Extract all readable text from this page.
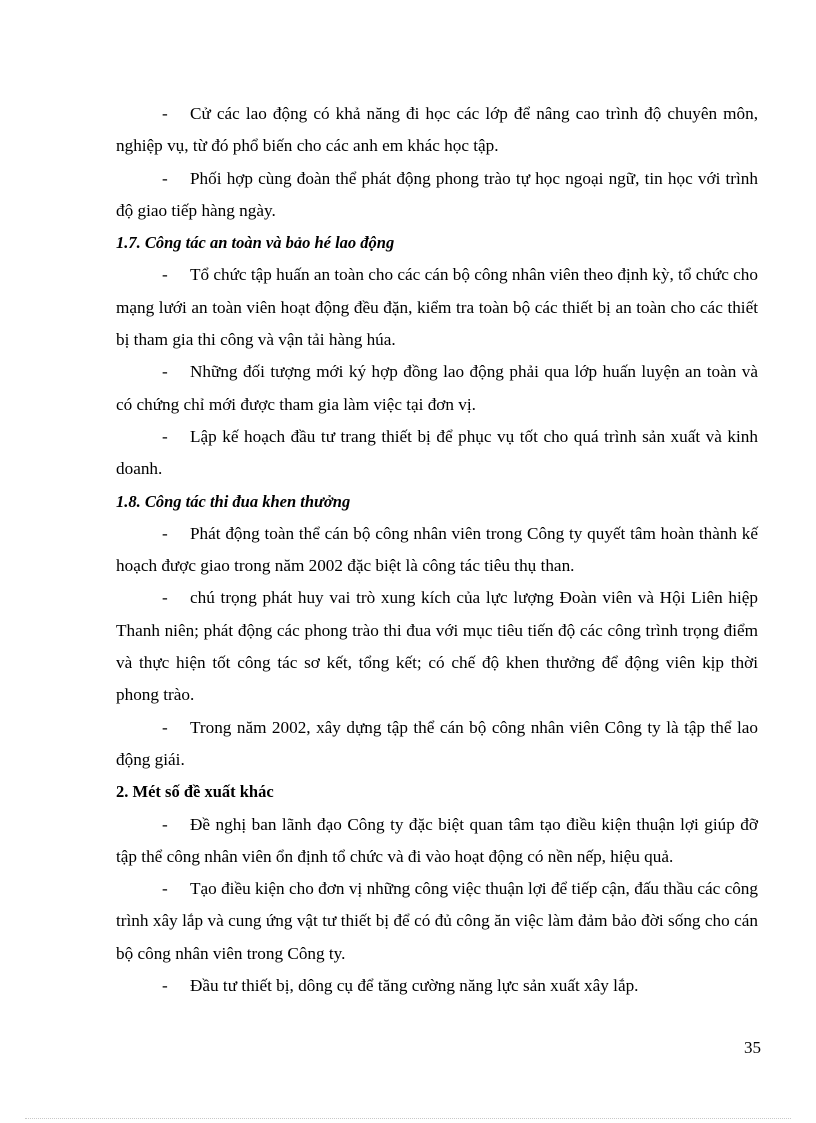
- Cử các lao động có khả năng đi học các lớp để nâng cao trình độ chuyên môn, nghiệp vụ, từ đó phổ biến cho các anh em khác học tập.

- Phối hợp cùng đoàn thể phát động phong trào tự học ngoại ngữ, tin học với trình độ giao tiếp hàng ngày.

1.7. Công tác an toàn và bảo hé lao động

- Tổ chức tập huấn an toàn cho các cán bộ công nhân viên theo định kỳ, tổ chức cho mạng lưới an toàn viên hoạt động đều đặn, kiểm tra toàn bộ các thiết bị an toàn cho các thiết bị tham gia thi công và vận tải hàng húa.

- Những đối tượng mới ký hợp đồng lao động phải qua lớp huấn luyện an toàn và có chứng chỉ mới được tham gia làm việc tại đơn vị.

- Lập kế hoạch đầu tư trang thiết bị để phục vụ tốt cho quá trình sản xuất và kinh doanh.

1.8. Công tác thi đua khen thưởng

- Phát động toàn thể cán bộ công nhân viên trong Công ty quyết tâm hoàn thành kế hoạch được giao trong năm 2002 đặc biệt là công tác tiêu thụ than.

- chú trọng phát huy vai trò xung kích của lực lượng Đoàn viên và Hội Liên hiệp Thanh niên; phát động các phong trào thi đua với mục tiêu tiến độ các công trình trọng điểm và thực hiện tốt công tác sơ kết, tổng kết; có chế độ khen thưởng để động viên kịp thời phong trào.

- Trong năm 2002, xây dựng tập thể cán bộ công nhân viên Công ty là tập thể lao động giái.

2. Mét số đề xuất khác

- Đề nghị ban lãnh đạo Công ty đặc biệt quan tâm tạo điều kiện thuận lợi giúp đỡ tập thể công nhân viên ổn định tổ chức và đi vào hoạt động có nền nếp, hiệu quả.

- Tạo điều kiện cho đơn vị những công việc thuận lợi để tiếp cận, đấu thầu các công trình xây lắp và cung ứng vật tư thiết bị để có đủ công ăn việc làm đảm bảo đời sống cho cán bộ công nhân viên trong Công ty.

- Đầu tư thiết bị, dông cụ để tăng cường năng lực sản xuất xây lắp.

35
